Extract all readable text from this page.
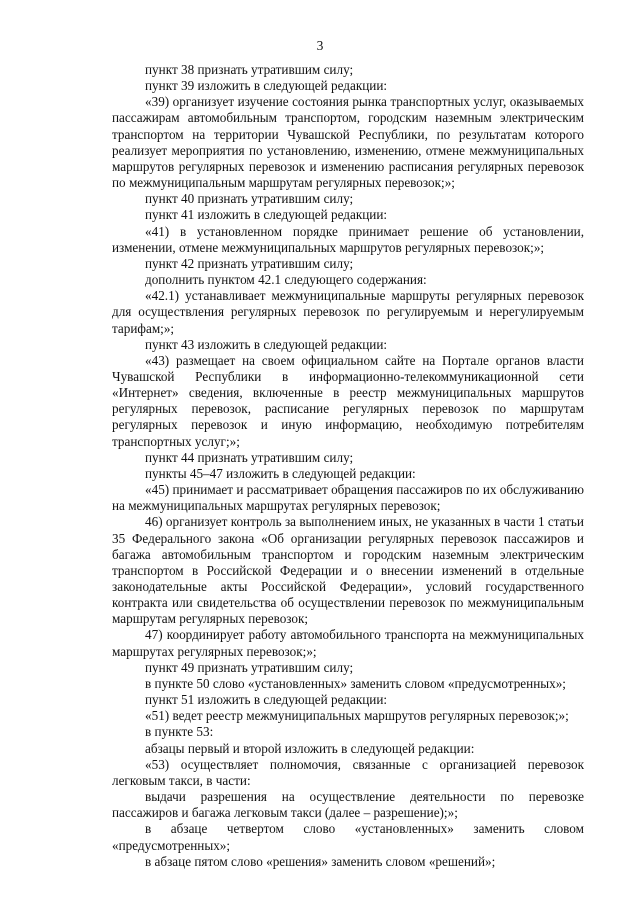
3

пункт 38 признать утратившим силу;

пункт 39 изложить в следующей редакции:

«39) организует изучение состояния рынка транспортных услуг, оказываемых пассажирам автомобильным транспортом, городским наземным электрическим транспортом на территории Чувашской Республики, по результатам которого реализует мероприятия по установлению, изменению, отмене межмуниципальных маршрутов регулярных перевозок и изменению расписания регулярных перевозок по межмуниципальным маршрутам регулярных перевозок;»;

пункт 40 признать утратившим силу;

пункт 41 изложить в следующей редакции:

«41) в установленном порядке принимает решение об установлении, изменении, отмене межмуниципальных маршрутов регулярных перевозок;»;

пункт 42 признать утратившим силу;

дополнить пунктом 42.1 следующего содержания:

«42.1) устанавливает межмуниципальные маршруты регулярных перевозок для осуществления регулярных перевозок по регулируемым и нерегулируемым тарифам;»;

пункт 43 изложить в следующей редакции:

«43) размещает на своем официальном сайте на Портале органов власти Чувашской Республики в информационно-телекоммуникационной сети «Интернет» сведения, включенные в реестр межмуниципальных маршрутов регулярных перевозок, расписание регулярных перевозок по маршрутам регулярных перевозок и иную информацию, необходимую потребителям транспортных услуг;»;

пункт 44 признать утратившим силу;

пункты 45–47 изложить в следующей редакции:

«45) принимает и рассматривает обращения пассажиров по их обслуживанию на межмуниципальных маршрутах регулярных перевозок;

46) организует контроль за выполнением иных, не указанных в части 1 статьи 35 Федерального закона «Об организации регулярных перевозок пассажиров и багажа автомобильным транспортом и городским наземным электрическим транспортом в Российской Федерации и о внесении изменений в отдельные законодательные акты Российской Федерации», условий государственного контракта или свидетельства об осуществлении перевозок по межмуниципальным маршрутам регулярных перевозок;

47) координирует работу автомобильного транспорта на межмуниципальных маршрутах регулярных перевозок;»;

пункт 49 признать утратившим силу;

в пункте 50 слово «установленных» заменить словом «предусмотренных»;

пункт 51 изложить в следующей редакции:

«51) ведет реестр межмуниципальных маршрутов регулярных перевозок;»;

в пункте 53:

абзацы первый и второй изложить в следующей редакции:

«53) осуществляет полномочия, связанные с организацией перевозок легковым такси, в части:

выдачи разрешения на осуществление деятельности по перевозке пассажиров и багажа легковым такси (далее – разрешение);»;

в абзаце четвертом слово «установленных» заменить словом «предусмотренных»;

в абзаце пятом слово «решения» заменить словом «решений»;
